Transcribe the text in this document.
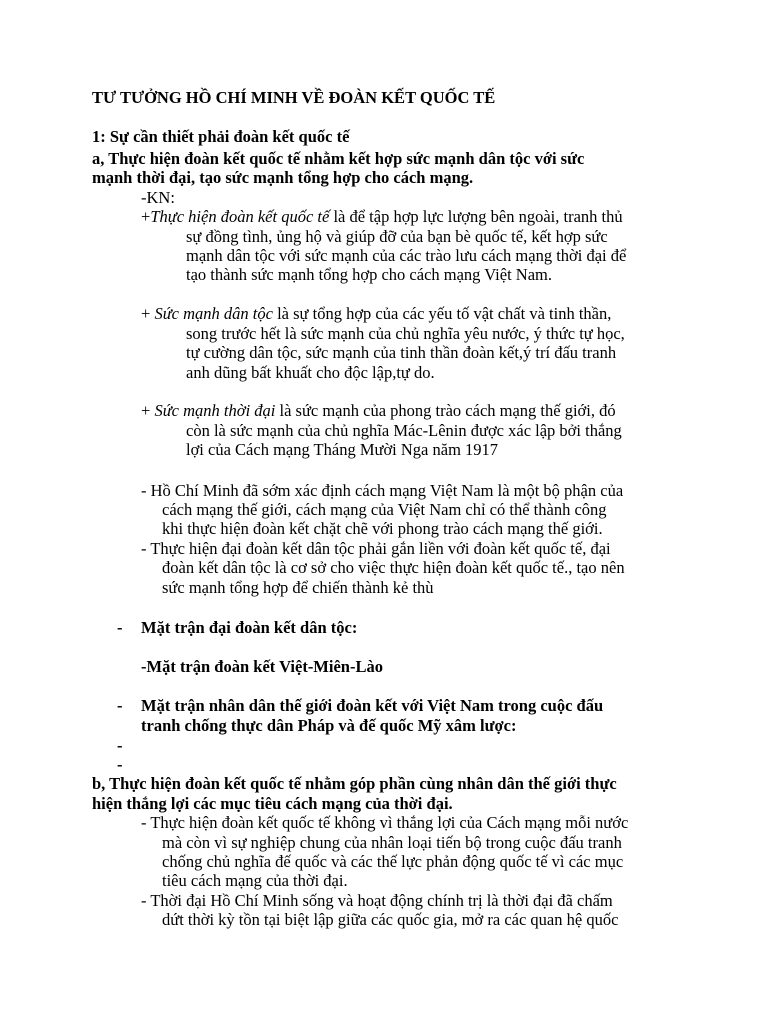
TƯ TƯỞNG HỒ CHÍ MINH VỀ ĐOÀN KẾT QUỐC TẾ
1: Sự cần thiết phải đoàn kết quốc tế
a, Thực hiện đoàn kết quốc tế nhằm kết hợp sức mạnh dân tộc với sức
mạnh thời đại, tạo sức mạnh tổng hợp cho cách mạng.
-KN:
+Thực hiện đoàn kết quốc tế là để tập hợp lực lượng bên ngoài, tranh thủ
sự đồng tình, ủng hộ và giúp đỡ của bạn bè quốc tế, kết hợp sức
mạnh dân tộc với sức mạnh của các trào lưu cách mạng thời đại để
tạo thành sức mạnh tổng hợp cho cách mạng Việt Nam.
+ Sức mạnh dân tộc là sự tổng hợp của các yếu tố vật chất và tinh thần,
song trước hết là sức mạnh của chủ nghĩa yêu nước, ý thức tự học,
tự cường dân tộc, sức mạnh của tinh thần đoàn kết,ý trí đấu tranh
anh dũng bất khuất cho độc lập,tự do.
+ Sức mạnh thời đại là sức mạnh của phong trào cách mạng thế giới, đó
còn là sức mạnh của chủ nghĩa Mác-Lênin được xác lập bởi thắng
lợi của Cách mạng Tháng Mười Nga năm 1917
- Hồ Chí Minh đã sớm xác định cách mạng Việt Nam là một bộ phận của
cách mạng thế giới, cách mạng của Việt Nam chỉ có thể thành công
khi thực hiện đoàn kết chặt chẽ với phong trào cách mạng thế giới.
- Thực hiện đại đoàn kết dân tộc phải gắn liền với đoàn kết quốc tế, đại
đoàn kết dân tộc là cơ sở cho việc thực hiện đoàn kết quốc tế., tạo nên
sức mạnh tổng hợp để chiến thành kẻ thù
- Mặt trận đại đoàn kết dân tộc:
-Mặt trận đoàn kết Việt-Miên-Lào
- Mặt trận nhân dân thế giới đoàn kết với Việt Nam trong cuộc đấu
tranh chống thực dân Pháp và đế quốc Mỹ xâm lược:
-
-
b, Thực hiện đoàn kết quốc tế nhằm góp phần cùng nhân dân thế giới thực
hiện thắng lợi các mục tiêu cách mạng của thời đại.
- Thực hiện đoàn kết quốc tế không vì thắng lợi của Cách mạng mỗi nước
mà còn vì sự nghiệp chung của nhân loại tiến bộ trong cuộc đấu tranh
chống chủ nghĩa đế quốc và các thế lực phản động quốc tế vì các mục
tiêu cách mạng của thời đại.
- Thời đại Hồ Chí Minh sống và hoạt động chính trị là thời đại đã chấm
dứt thời kỳ tồn tại biệt lập giữa các quốc gia, mở ra các quan hệ quốc
